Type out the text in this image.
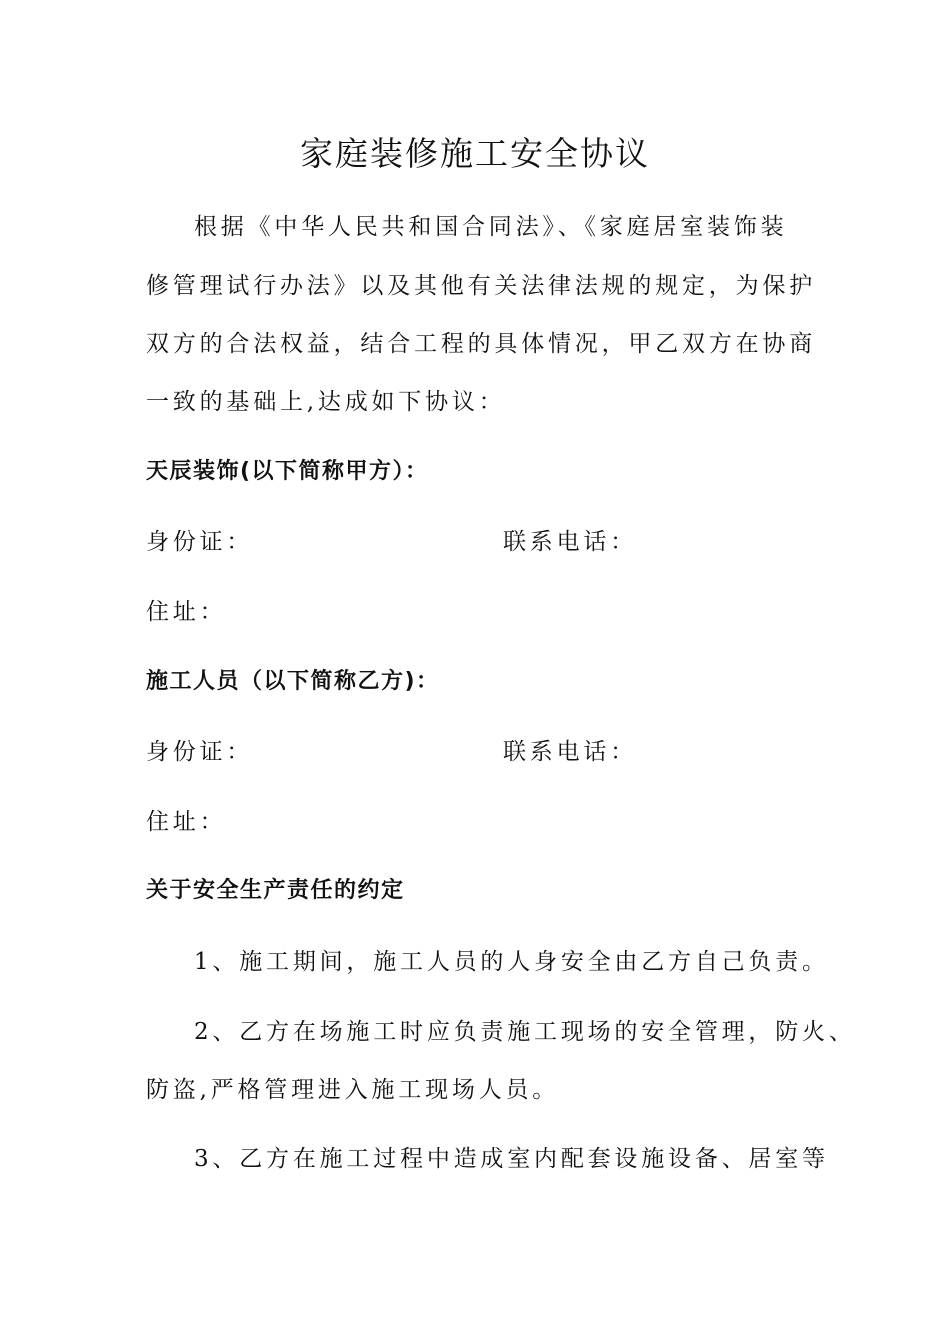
家庭装修施工安全协议
根据《中华人民共和国合同法》、《家庭居室装饰装
修管理试行办法》以及其他有关法律法规的规定，为保护
双方的合法权益，结合工程的具体情况，甲乙双方在协商
一致的基础上,达成如下协议：
天辰装饰(以下简称甲方）：
身份证：	联系电话：
住址：
施工人员（以下简称乙方)：
身份证：	联系电话：
住址：
关于安全生产责任的约定
1、施工期间，施工人员的人身安全由乙方自己负责。
2、乙方在场施工时应负责施工现场的安全管理，防火、
防盗,严格管理进入施工现场人员。
3、乙方在施工过程中造成室内配套设施设备、居室等
